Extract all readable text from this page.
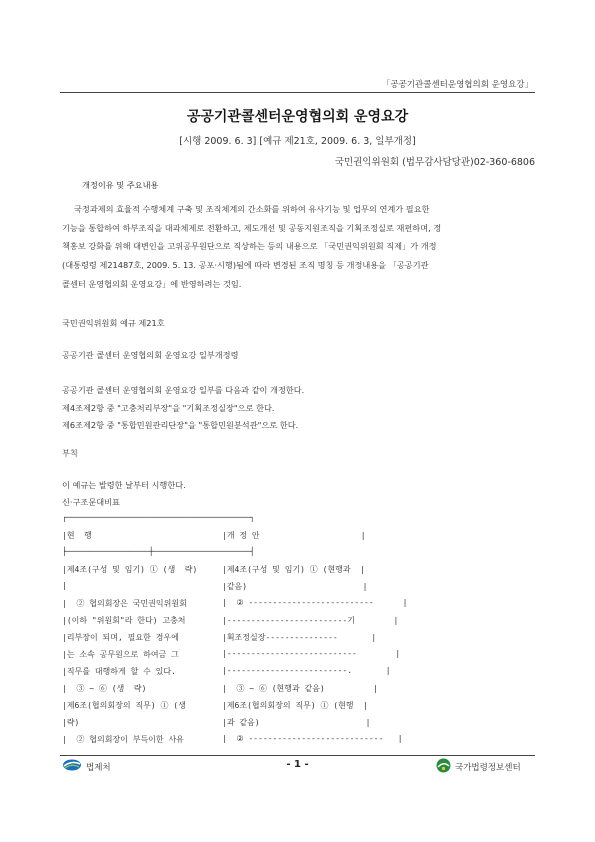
「공공기관콜센터운영협의회 운영요강」
공공기관콜센터운영협의회 운영요강
[시행 2009. 6. 3] [예규 제21호, 2009. 6. 3, 일부개정]
국민권익위원회 (법무감사담당관)02-360-6806
개정이유 및 주요내용
국정과제의 효율적 수행체계 구축 및 조직체계의 간소화를 위하여 유사기능 및 업무의 연계가 필요한
기능을 통합하여 하부조직을 대과체제로 전환하고, 제도개선 및 공동지원조직을 기획조정실로 재편하며, 정
책홍보 강화를 위해 대변인을 고위공무원단으로 직상하는 등의 내용으로 「국민권익위원회 직제」가 개정
(대통령령 제21487호, 2009. 5. 13. 공포·시행)됨에 따라 변경된 조직 명칭 등 개정내용을 「공공기관
콜센터 운영협의회 운영요강」에 반영하려는 것임.
국민권익위원회 예규 제21호
공공기관 콜센터 운영협의회 운영요강 일부개정령
공공기관 콜센터 운영협의회 운영요강 일부를 다음과 같이 개정한다.
제4조제2항 중 "고충처리부장"을 "기획조정실장"으로 한다.
제6조제2항 중 "통합민원관리단장"을 "통합민원분석관"으로 한다.
부칙
이 예규는 발령한 날부터 시행한다.
신·구조문대비표
┌──────────────────────────────────────┐
|현  행	|개 정 안                     |
├─────────────────┼────────────────────┤
|제4조(구성 및 임기) ① (생  략)	|제4조(구성 및 임기) ① (현행과  |
|	|같음)                        |
|  ② 협의회장은 국민권익위원회	|  ② --------------------------      |
|(이하 "위원회"라 한다) 고충처	|-------------------------기        |
|리부장이 되며, 필요한 경우에	|획조정실장---------------       |
|는 소속 공무원으로 하여금 그	|---------------------------        |
|직무를 대행하게 할 수 있다.	|-------------------------.       |
|  ③ ~ ⑥ (생  략)	|  ③ ~ ⑥ (현행과 같음)          |
|제6조(협의회장의 직무) ① (생	|제6조(협의회장의 직무) ① (현행  |
|략)	|과 같음)                      |
|  ② 협의회장이 부득이한 사유	|  ② ----------------------------   |
법제처	- 1 -	국가법령정보센터
